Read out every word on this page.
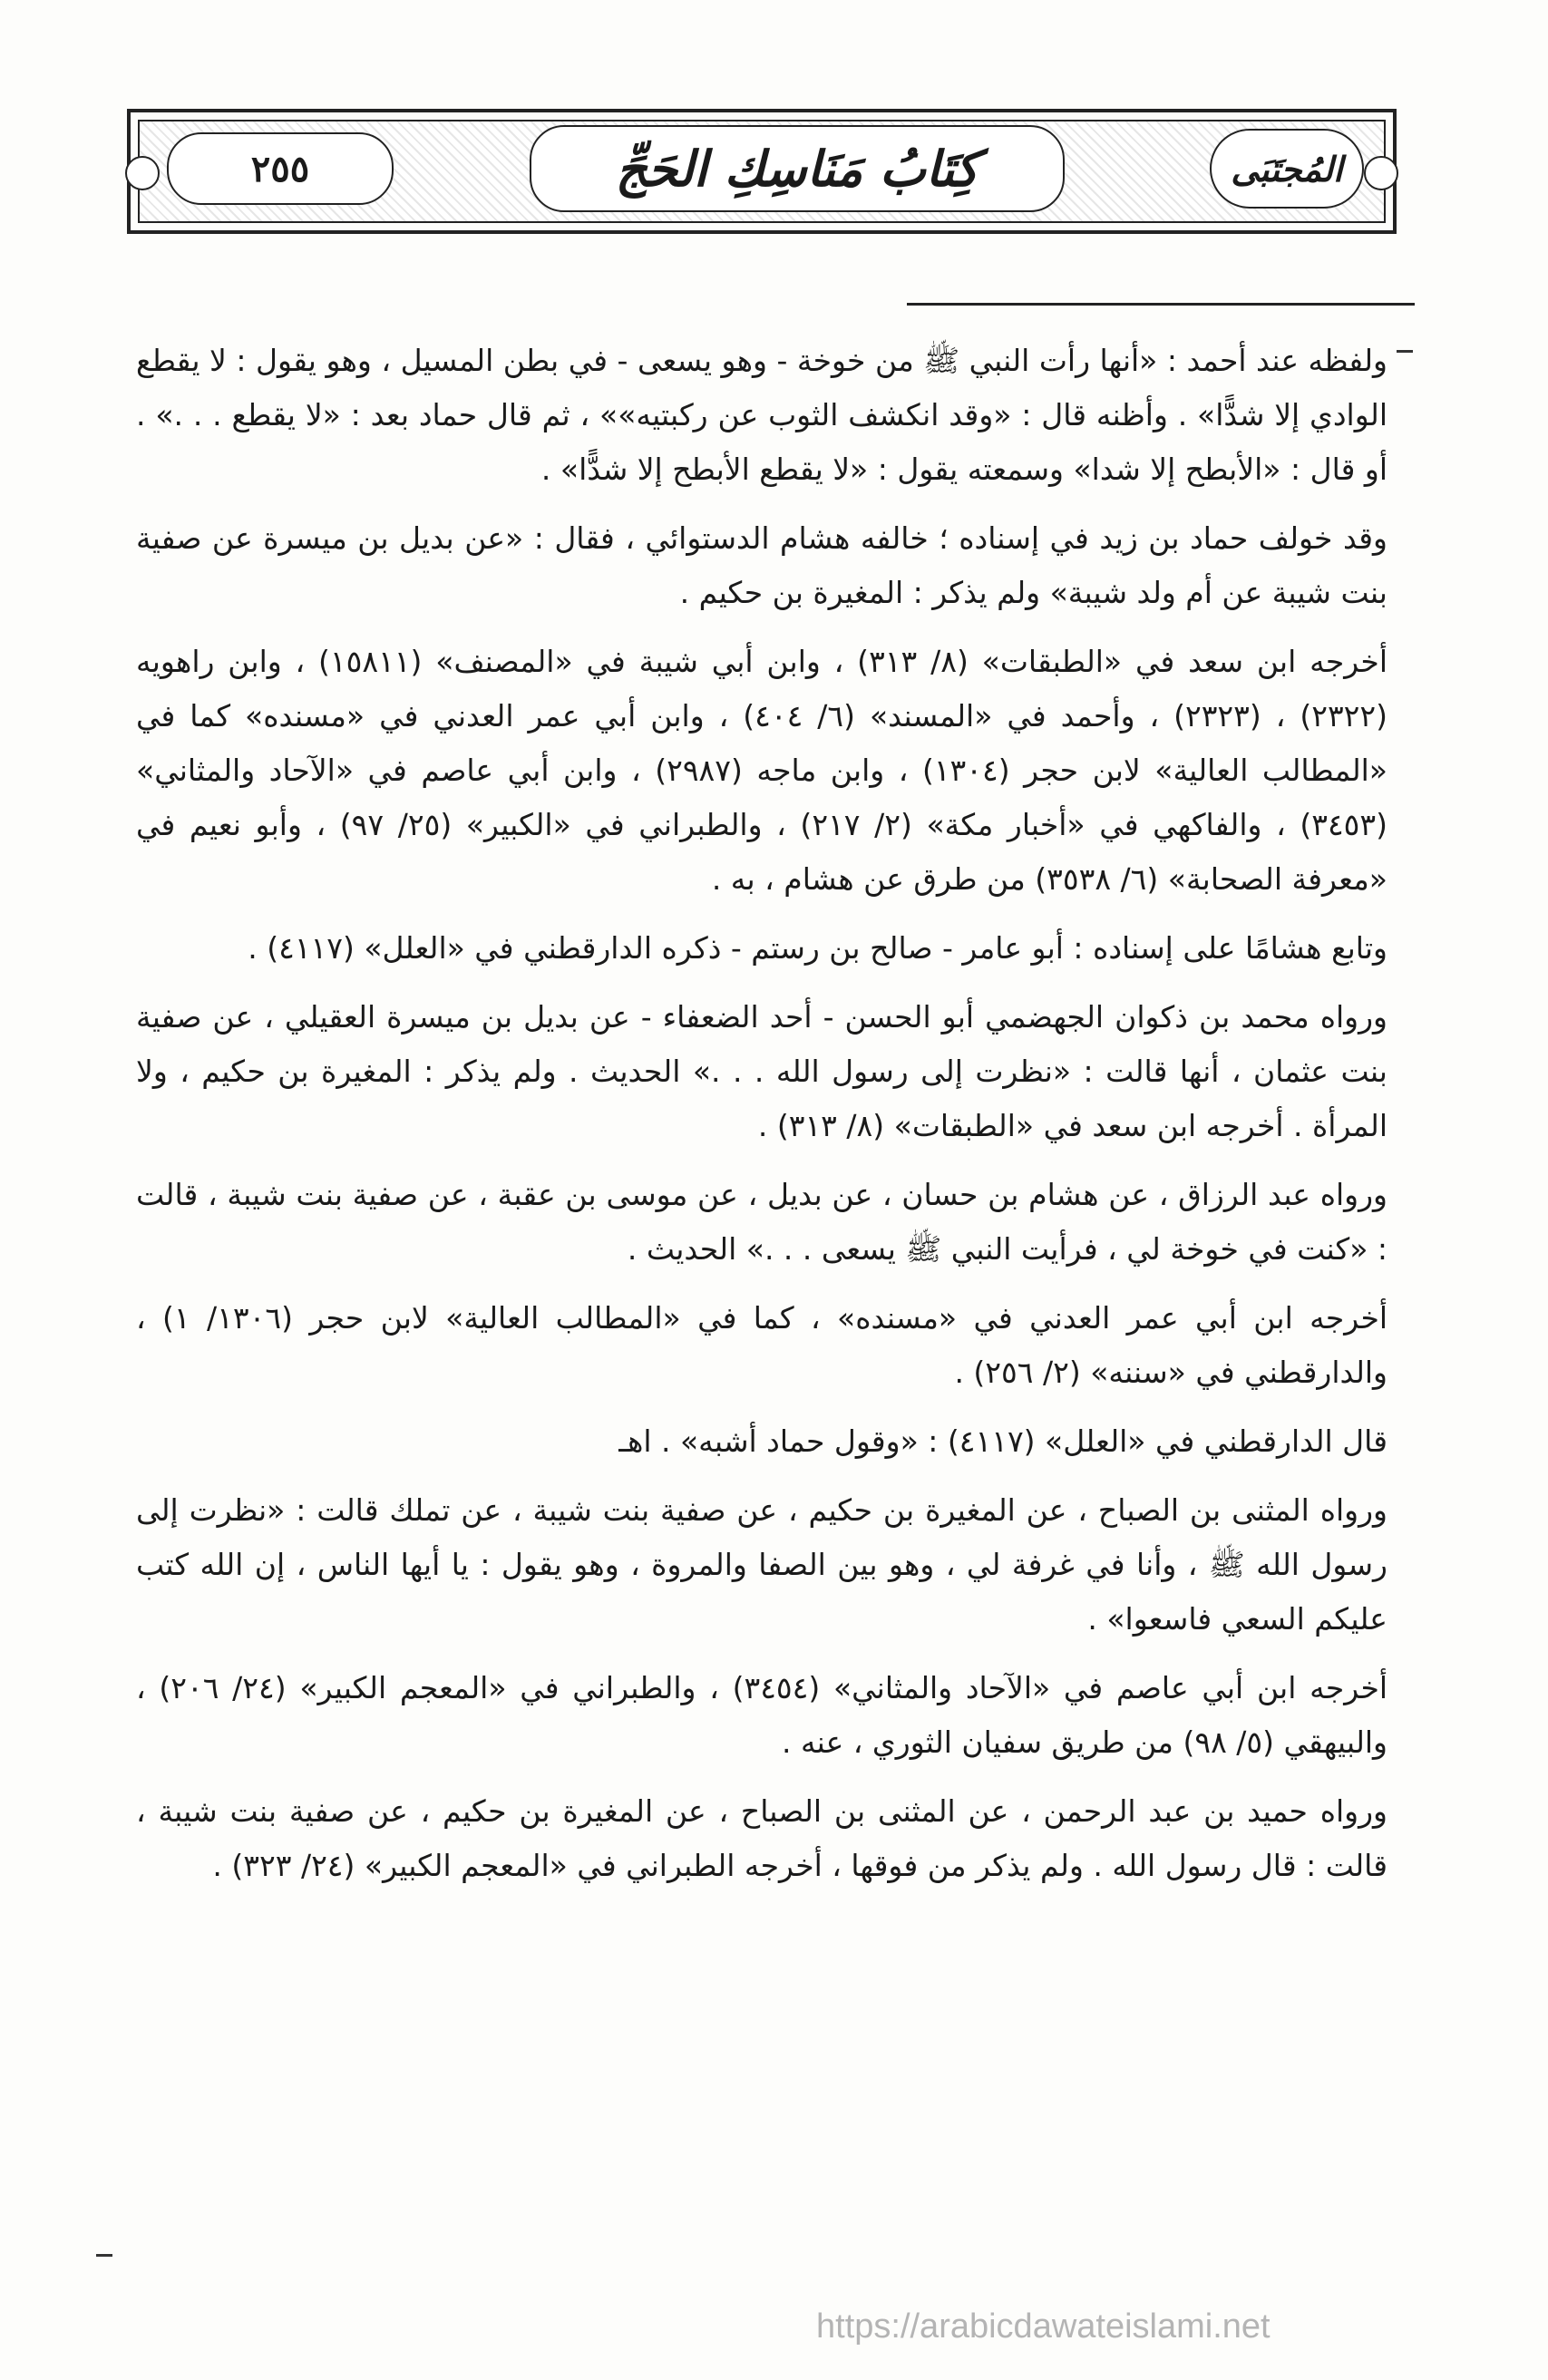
٢٥٥	كِتَابُ مَنَاسِكِ الحَجِّ	المُجتَبَى

ولفظه عند أحمد : «أنها رأت النبي ﷺ من خوخة - وهو يسعى - في بطن المسيل ، وهو يقول : لا يقطع الوادي إلا شدًّا» . وأظنه قال : «وقد انكشف الثوب عن ركبتيه»» ، ثم قال حماد بعد : «لا يقطع . . .» . أو قال : «الأبطح إلا شدا» وسمعته يقول : «لا يقطع الأبطح إلا شدًّا» .

وقد خولف حماد بن زيد في إسناده ؛ خالفه هشام الدستوائي ، فقال : «عن بديل بن ميسرة عن صفية بنت شيبة عن أم ولد شيبة» ولم يذكر : المغيرة بن حكيم .

أخرجه ابن سعد في «الطبقات» (٨/ ٣١٣) ، وابن أبي شيبة في «المصنف» (١٥٨١١) ، وابن راهويه (٢٣٢٢) ، (٢٣٢٣) ، وأحمد في «المسند» (٦/ ٤٠٤) ، وابن أبي عمر العدني في «مسنده» كما في «المطالب العالية» لابن حجر (١٣٠٤) ، وابن ماجه (٢٩٨٧) ، وابن أبي عاصم في «الآحاد والمثاني» (٣٤٥٣) ، والفاكهي في «أخبار مكة» (٢/ ٢١٧) ، والطبراني في «الكبير» (٢٥/ ٩٧) ، وأبو نعيم في «معرفة الصحابة» (٦/ ٣٥٣٨) من طرق عن هشام ، به .

وتابع هشامًا على إسناده : أبو عامر - صالح بن رستم - ذكره الدارقطني في «العلل» (٤١١٧) .

ورواه محمد بن ذكوان الجهضمي أبو الحسن - أحد الضعفاء - عن بديل بن ميسرة العقيلي ، عن صفية بنت عثمان ، أنها قالت : «نظرت إلى رسول الله . . .» الحديث . ولم يذكر : المغيرة بن حكيم ، ولا المرأة . أخرجه ابن سعد في «الطبقات» (٨/ ٣١٣) .

ورواه عبد الرزاق ، عن هشام بن حسان ، عن بديل ، عن موسى بن عقبة ، عن صفية بنت شيبة ، قالت : «كنت في خوخة لي ، فرأيت النبي ﷺ يسعى . . .» الحديث .

أخرجه ابن أبي عمر العدني في «مسنده» ، كما في «المطالب العالية» لابن حجر (١٣٠٦/ ١) ، والدارقطني في «سننه» (٢/ ٢٥٦) .

قال الدارقطني في «العلل» (٤١١٧) : «وقول حماد أشبه» . اهـ

ورواه المثنى بن الصباح ، عن المغيرة بن حكيم ، عن صفية بنت شيبة ، عن تملك قالت : «نظرت إلى رسول الله ﷺ ، وأنا في غرفة لي ، وهو بين الصفا والمروة ، وهو يقول : يا أيها الناس ، إن الله كتب عليكم السعي فاسعوا» .

أخرجه ابن أبي عاصم في «الآحاد والمثاني» (٣٤٥٤) ، والطبراني في «المعجم الكبير» (٢٤/ ٢٠٦) ، والبيهقي (٥/ ٩٨) من طريق سفيان الثوري ، عنه .

ورواه حميد بن عبد الرحمن ، عن المثنى بن الصباح ، عن المغيرة بن حكيم ، عن صفية بنت شيبة ، قالت : قال رسول الله . ولم يذكر من فوقها ، أخرجه الطبراني في «المعجم الكبير» (٢٤/ ٣٢٣) .

https://arabicdawateislami.net
